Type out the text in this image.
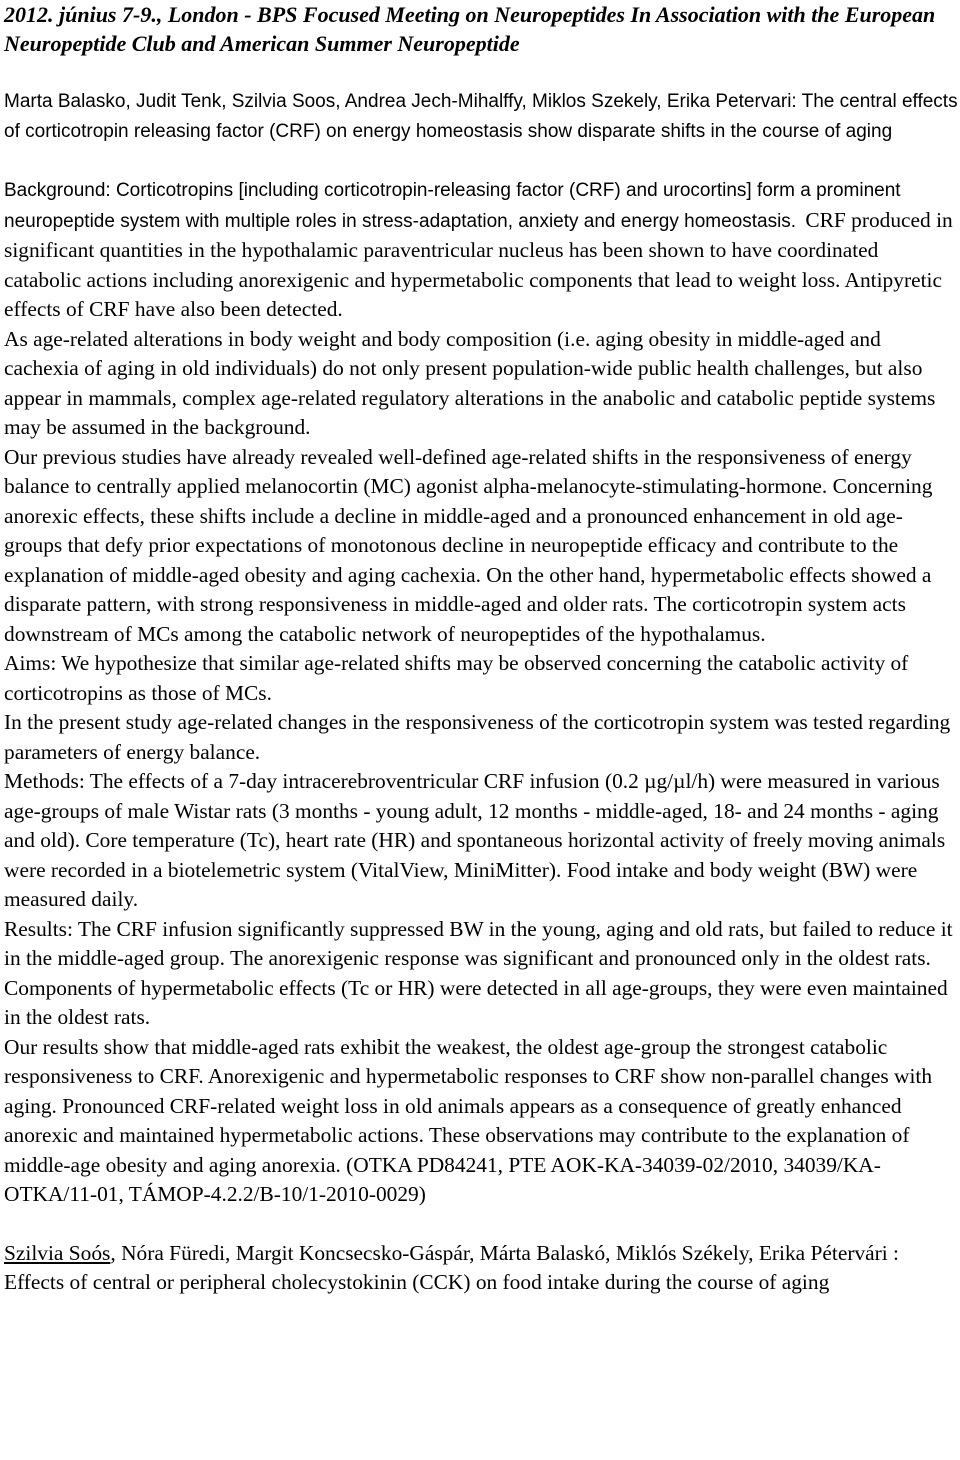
2012. június 7-9., London - BPS Focused Meeting on Neuropeptides In Association with the European Neuropeptide Club and American Summer Neuropeptide

Marta Balasko, Judit Tenk, Szilvia Soos, Andrea Jech-Mihalffy, Miklos Szekely, Erika Petervari: The central effects of corticotropin releasing factor (CRF) on energy homeostasis show disparate shifts in the course of aging

Background: Corticotropins [including corticotropin-releasing factor (CRF) and urocortins] form a prominent neuropeptide system with multiple roles in stress-adaptation, anxiety and energy homeostasis. CRF produced in significant quantities in the hypothalamic paraventricular nucleus has been shown to have coordinated catabolic actions including anorexigenic and hypermetabolic components that lead to weight loss. Antipyretic effects of CRF have also been detected.

As age-related alterations in body weight and body composition (i.e. aging obesity in middle-aged and cachexia of aging in old individuals) do not only present population-wide public health challenges, but also appear in mammals, complex age-related regulatory alterations in the anabolic and catabolic peptide systems may be assumed in the background.

Our previous studies have already revealed well-defined age-related shifts in the responsiveness of energy balance to centrally applied melanocortin (MC) agonist alpha-melanocyte-stimulating-hormone. Concerning anorexic effects, these shifts include a decline in middle-aged and a pronounced enhancement in old age-groups that defy prior expectations of monotonous decline in neuropeptide efficacy and contribute to the explanation of middle-aged obesity and aging cachexia. On the other hand, hypermetabolic effects showed a disparate pattern, with strong responsiveness in middle-aged and older rats. The corticotropin system acts downstream of MCs among the catabolic network of neuropeptides of the hypothalamus.

Aims: We hypothesize that similar age-related shifts may be observed concerning the catabolic activity of corticotropins as those of MCs.

In the present study age-related changes in the responsiveness of the corticotropin system was tested regarding parameters of energy balance.

Methods: The effects of a 7-day intracerebroventricular CRF infusion (0.2 µg/µl/h) were measured in various age-groups of male Wistar rats (3 months - young adult, 12 months - middle-aged, 18- and 24 months - aging and old). Core temperature (Tc), heart rate (HR) and spontaneous horizontal activity of freely moving animals were recorded in a biotelemetric system (VitalView, MiniMitter). Food intake and body weight (BW) were measured daily.

Results: The CRF infusion significantly suppressed BW in the young, aging and old rats, but failed to reduce it in the middle-aged group. The anorexigenic response was significant and pronounced only in the oldest rats. Components of hypermetabolic effects (Tc or HR) were detected in all age-groups, they were even maintained in the oldest rats.

Our results show that middle-aged rats exhibit the weakest, the oldest age-group the strongest catabolic responsiveness to CRF. Anorexigenic and hypermetabolic responses to CRF show non-parallel changes with aging. Pronounced CRF-related weight loss in old animals appears as a consequence of greatly enhanced anorexic and maintained hypermetabolic actions. These observations may contribute to the explanation of middle-age obesity and aging anorexia. (OTKA PD84241, PTE AOK-KA-34039-02/2010, 34039/KA-OTKA/11-01, TÁMOP-4.2.2/B-10/1-2010-0029)

Szilvia Soós, Nóra Füredi, Margit Koncsecsko-Gáspár, Márta Balaskó, Miklós Székely, Erika Pétervári : Effects of central or peripheral cholecystokinin (CCK) on food intake during the course of aging
